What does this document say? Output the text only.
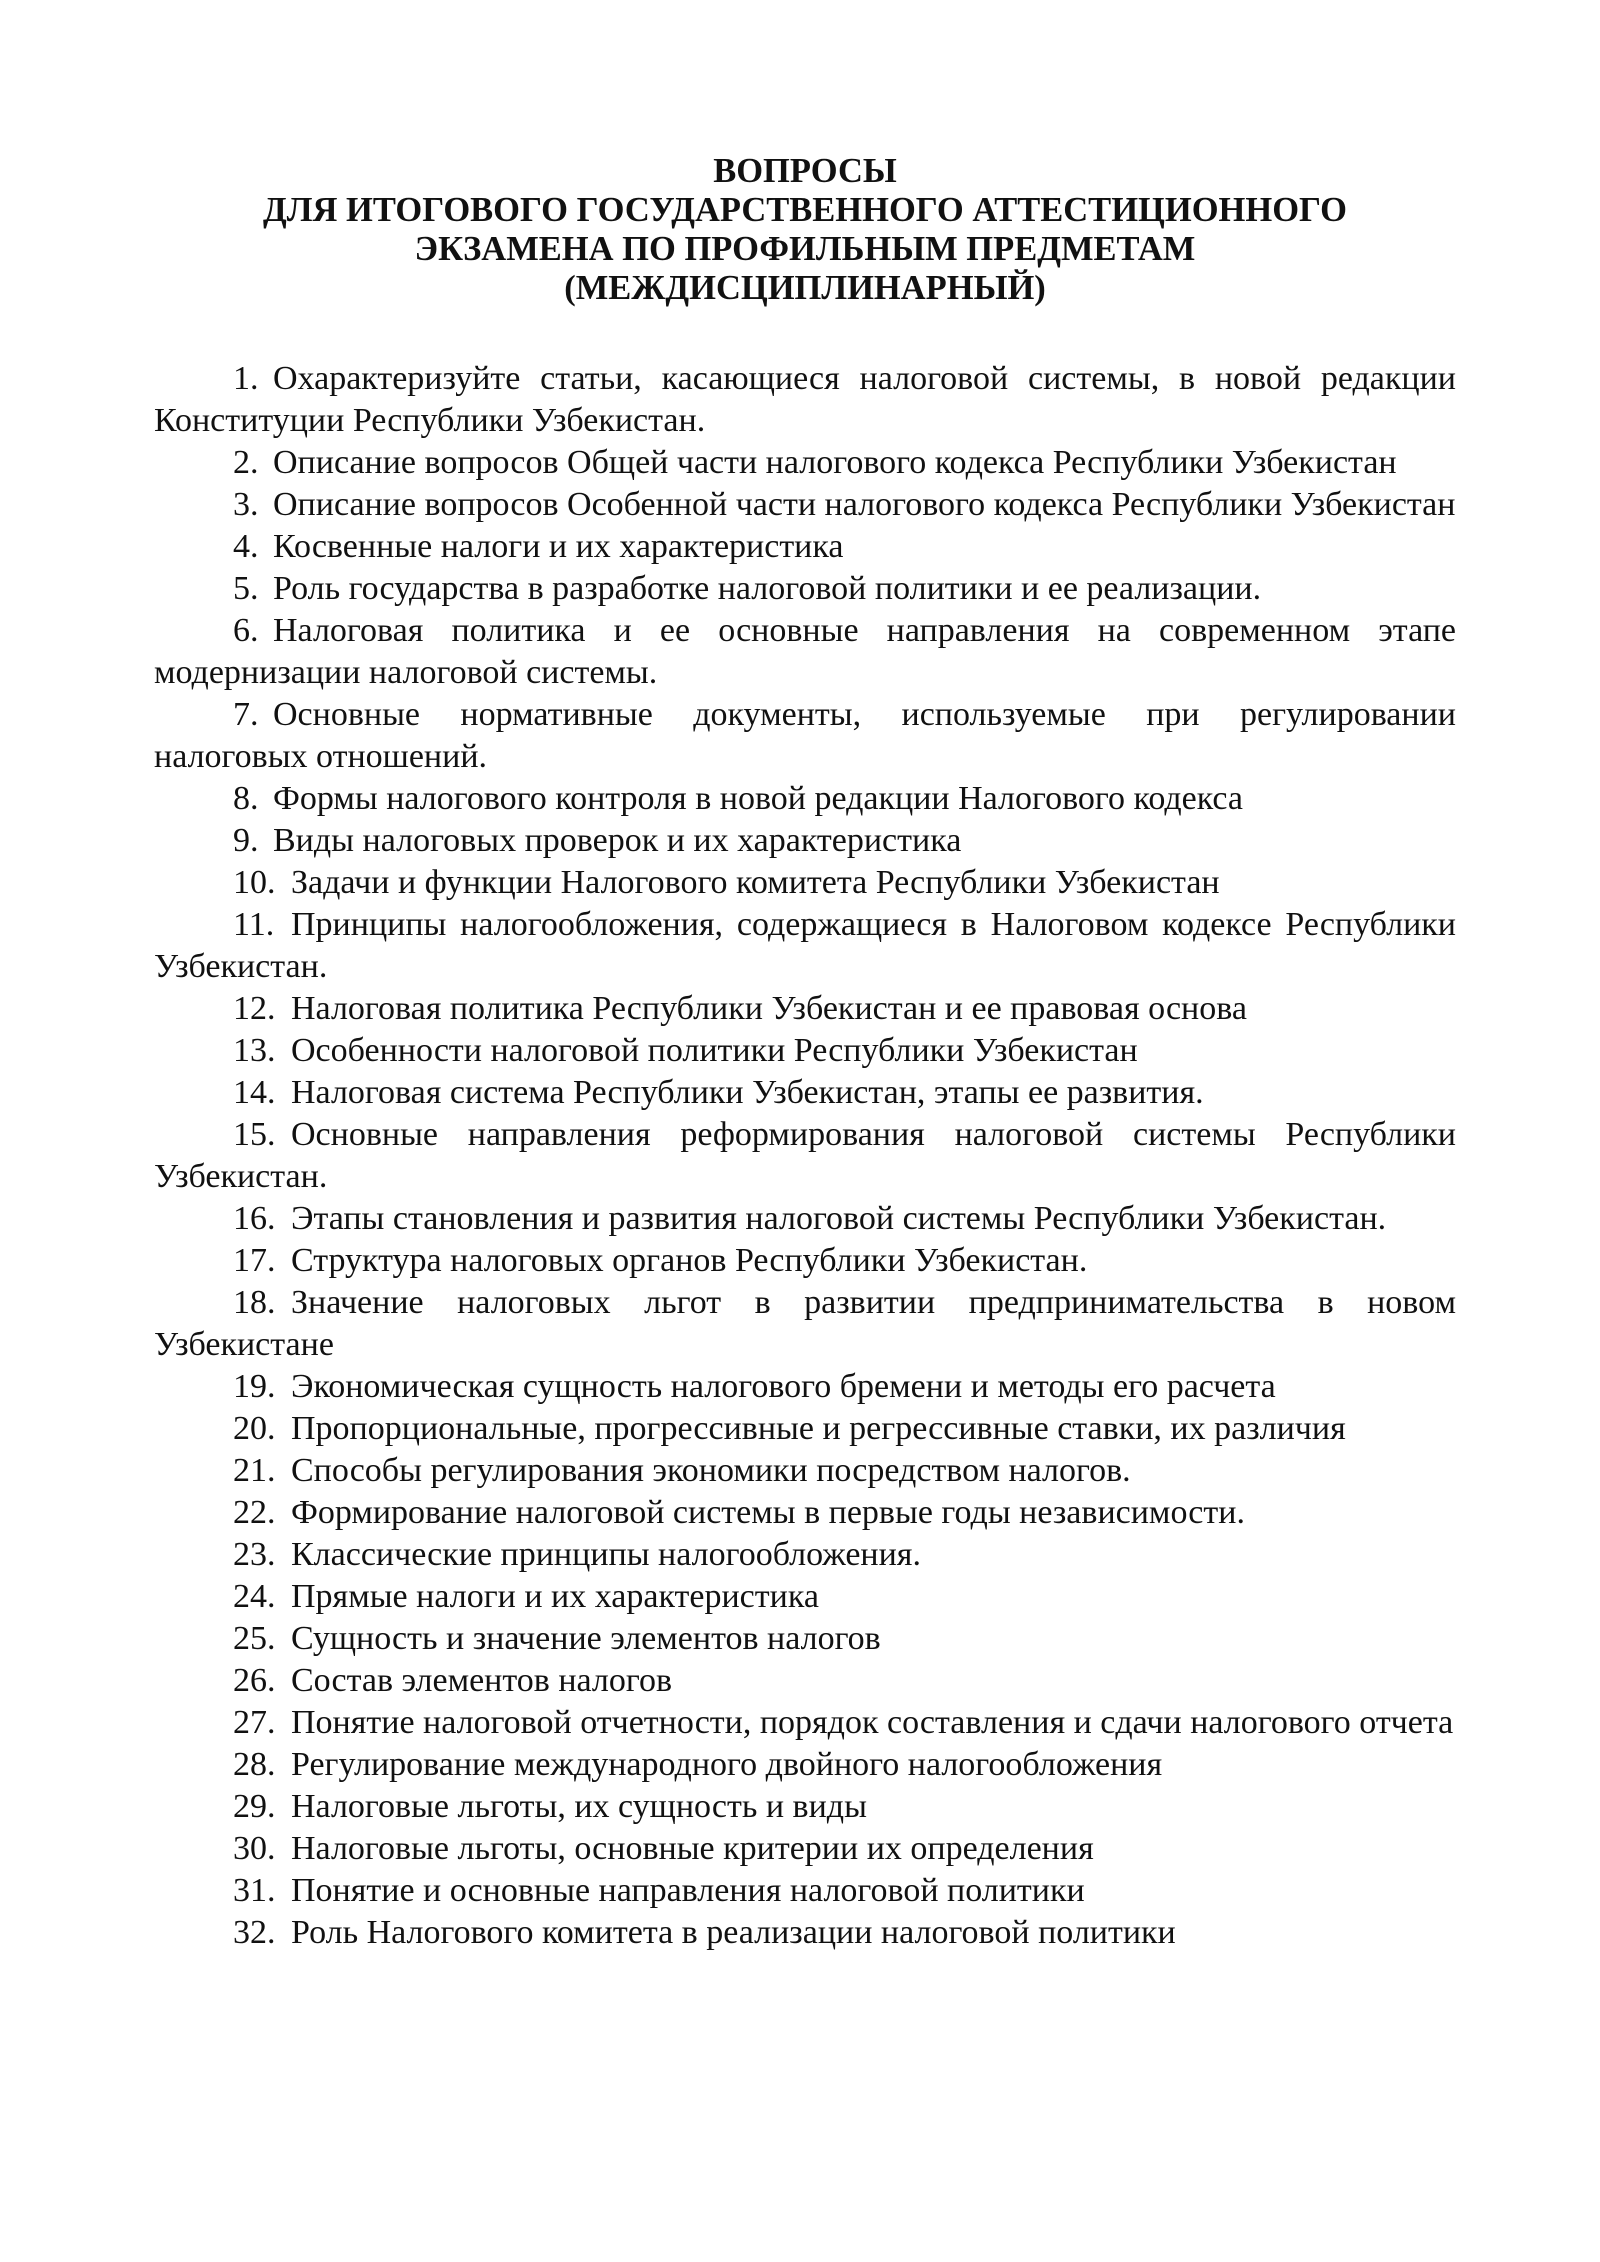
ВОПРОСЫ
ДЛЯ ИТОГОВОГО ГОСУДАРСТВЕННОГО АТТЕСТИЦИОННОГО
ЭКЗАМЕНА ПО ПРОФИЛЬНЫМ ПРЕДМЕТАМ
(МЕЖДИСЦИПЛИНАРНЫЙ)
1. Охарактеризуйте статьи, касающиеся налоговой системы, в новой редакции Конституции Республики Узбекистан.
2. Описание вопросов Общей части налогового кодекса Республики Узбекистан
3. Описание вопросов Особенной части налогового кодекса Республики Узбекистан
4. Косвенные налоги и их характеристика
5. Роль государства в разработке налоговой политики и ее реализации.
6. Налоговая политика и ее основные направления на современном этапе модернизации налоговой системы.
7. Основные нормативные документы, используемые при регулировании налоговых отношений.
8. Формы налогового контроля в новой редакции Налогового кодекса
9. Виды налоговых проверок и их характеристика
10. Задачи и функции Налогового комитета Республики Узбекистан
11. Принципы налогообложения, содержащиеся в Налоговом кодексе Республики Узбекистан.
12. Налоговая политика Республики Узбекистан и ее правовая основа
13. Особенности налоговой политики Республики Узбекистан
14. Налоговая система Республики Узбекистан, этапы ее развития.
15. Основные направления реформирования налоговой системы Республики Узбекистан.
16. Этапы становления и развития налоговой системы Республики Узбекистан.
17. Структура налоговых органов Республики Узбекистан.
18. Значение налоговых льгот в развитии предпринимательства в новом Узбекистане
19. Экономическая сущность налогового бремени и методы его расчета
20. Пропорциональные, прогрессивные и регрессивные ставки, их различия
21. Способы регулирования экономики посредством налогов.
22. Формирование налоговой системы в первые годы независимости.
23. Классические принципы налогообложения.
24. Прямые налоги и их характеристика
25. Сущность и значение элементов налогов
26. Состав элементов налогов
27. Понятие налоговой отчетности, порядок составления и сдачи налогового отчета
28. Регулирование международного двойного налогообложения
29. Налоговые льготы, их сущность и виды
30. Налоговые льготы, основные критерии их определения
31. Понятие и основные направления налоговой политики
32. Роль Налогового комитета в реализации налоговой политики
